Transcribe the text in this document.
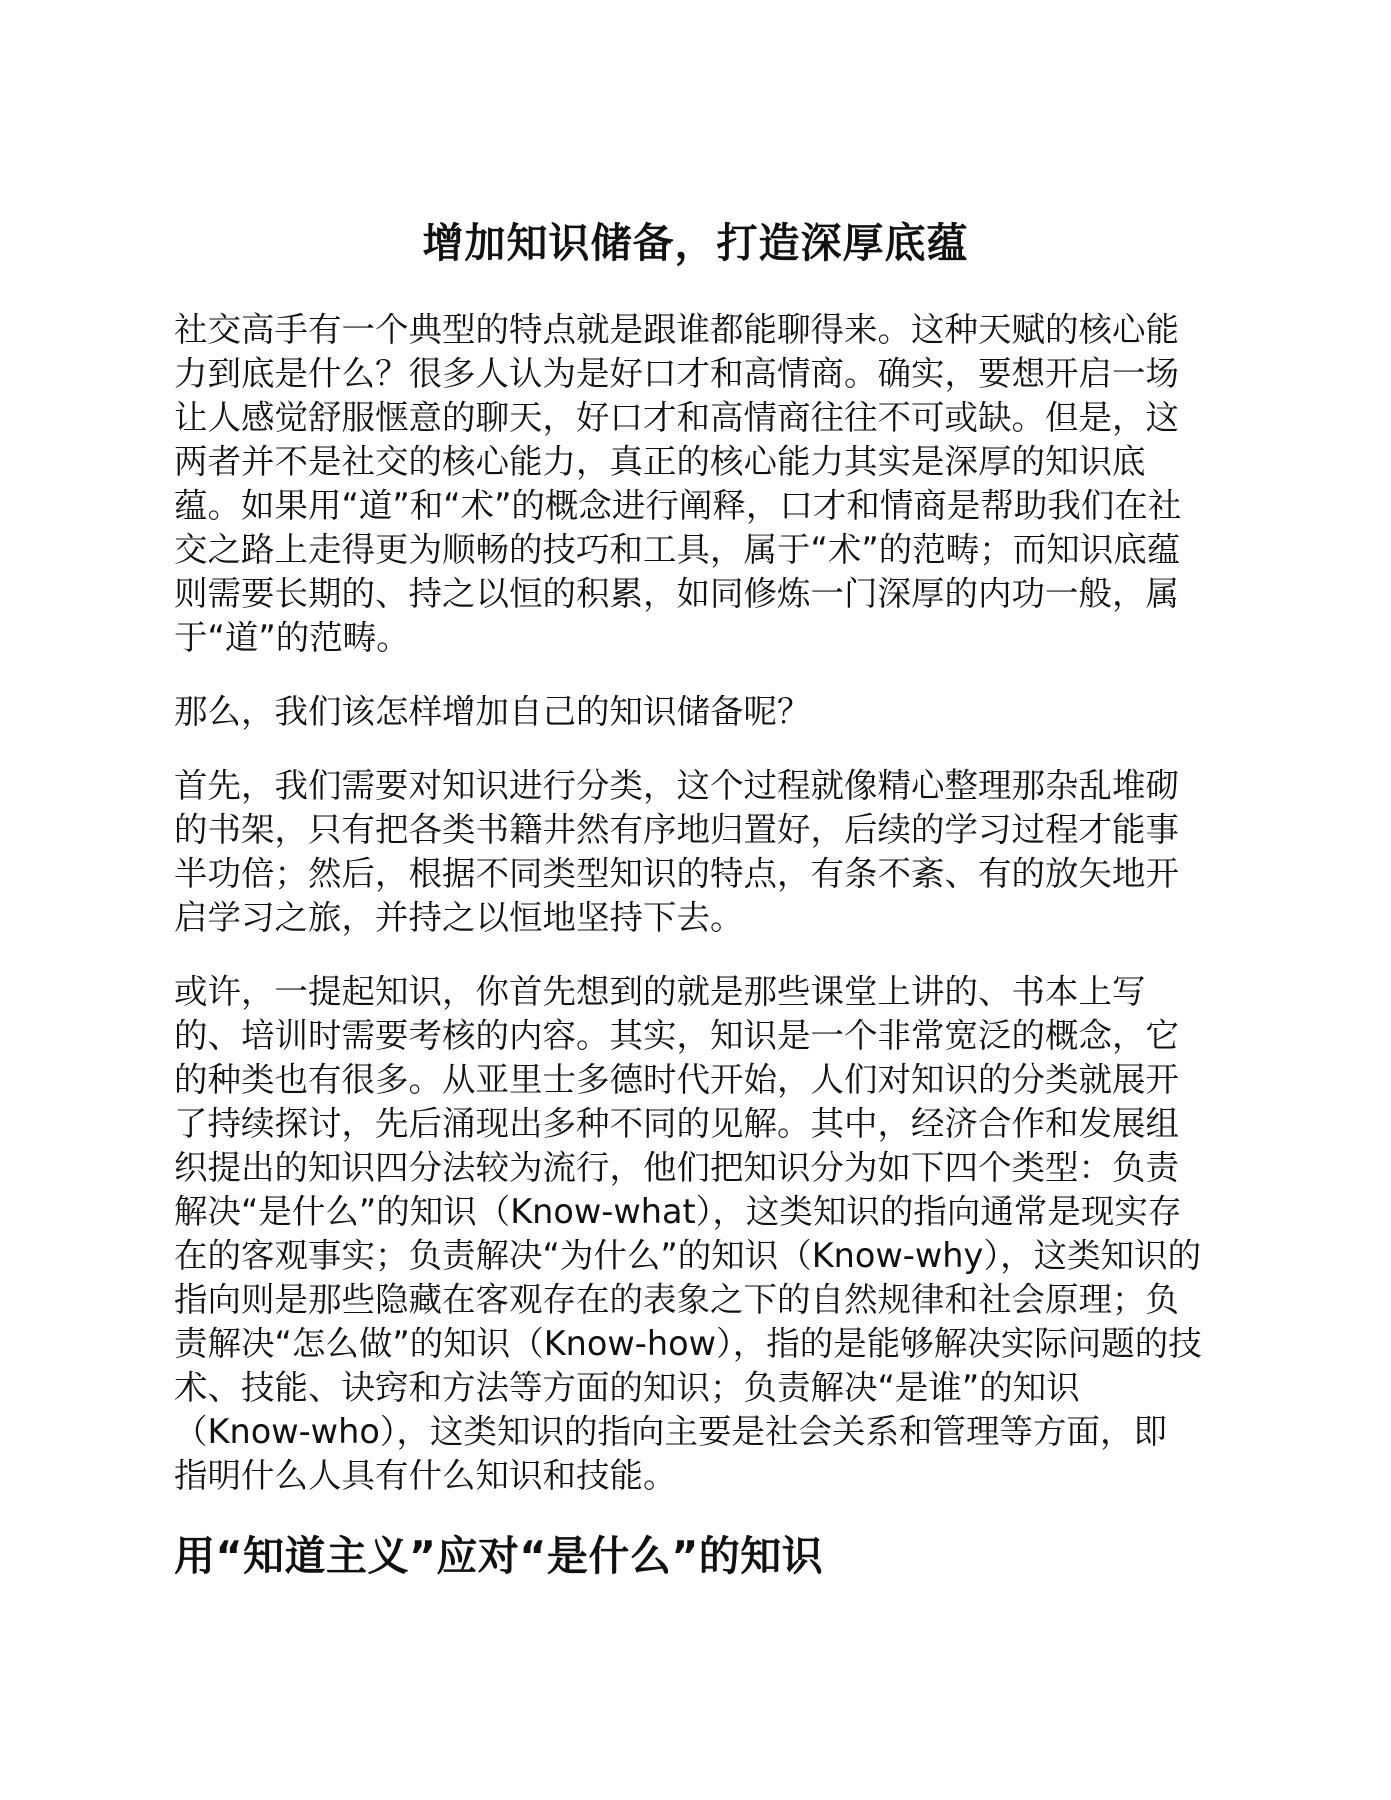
增加知识储备，打造深厚底蕴

社交高手有一个典型的特点就是跟谁都能聊得来。这种天赋的核心能
力到底是什么？很多人认为是好口才和高情商。确实，要想开启一场
让人感觉舒服惬意的聊天，好口才和高情商往往不可或缺。但是，这
两者并不是社交的核心能力，真正的核心能力其实是深厚的知识底
蕴。如果用“道”和“术”的概念进行阐释，口才和情商是帮助我们在社
交之路上走得更为顺畅的技巧和工具，属于“术”的范畴；而知识底蕴
则需要长期的、持之以恒的积累，如同修炼一门深厚的内功一般，属
于“道”的范畴。

那么，我们该怎样增加自己的知识储备呢？

首先，我们需要对知识进行分类，这个过程就像精心整理那杂乱堆砌
的书架，只有把各类书籍井然有序地归置好，后续的学习过程才能事
半功倍；然后，根据不同类型知识的特点，有条不紊、有的放矢地开
启学习之旅，并持之以恒地坚持下去。

或许，一提起知识，你首先想到的就是那些课堂上讲的、书本上写
的、培训时需要考核的内容。其实，知识是一个非常宽泛的概念，它
的种类也有很多。从亚里士多德时代开始，人们对知识的分类就展开
了持续探讨，先后涌现出多种不同的见解。其中，经济合作和发展组
织提出的知识四分法较为流行，他们把知识分为如下四个类型：负责
解决“是什么”的知识（Know-what），这类知识的指向通常是现实存
在的客观事实；负责解决“为什么”的知识（Know-why），这类知识的
指向则是那些隐藏在客观存在的表象之下的自然规律和社会原理；负
责解决“怎么做”的知识（Know-how），指的是能够解决实际问题的技
术、技能、诀窍和方法等方面的知识；负责解决“是谁”的知识
（Know-who），这类知识的指向主要是社会关系和管理等方面，即
指明什么人具有什么知识和技能。

用“知道主义”应对“是什么”的知识
